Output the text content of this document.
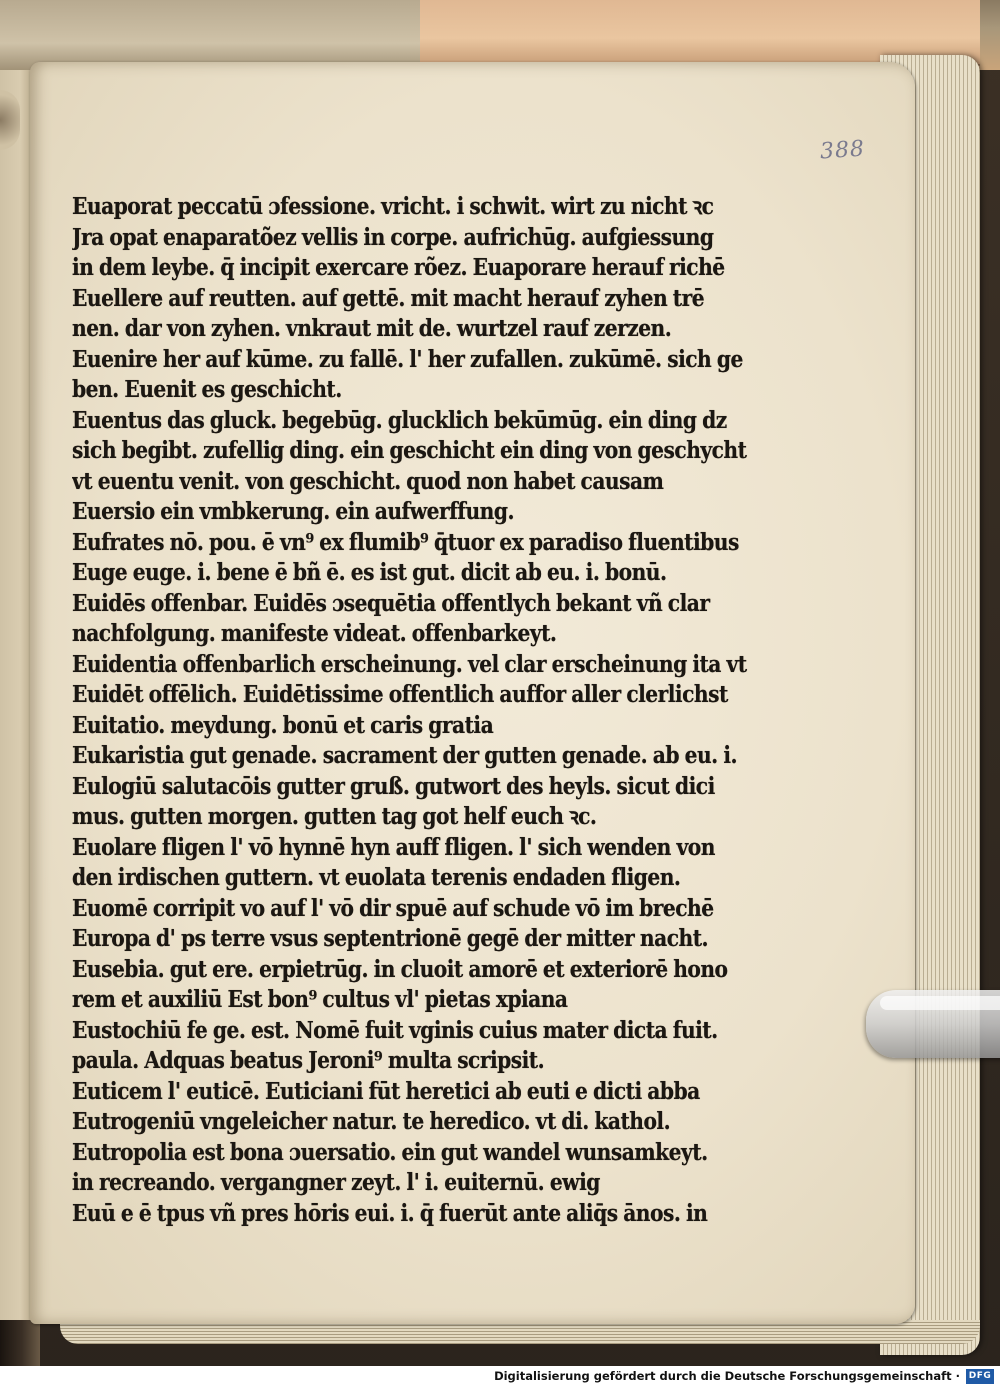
388
Euaporat peccatū ɔfessione. vricht. i schwit. wirt zu nicht ꝛc
Jra opat enaparatõez vellis in corpe. aufrichūg. aufgiessung
in dem leybe. q̄ incipit exercare rõez. Euaporare herauf richē
Euellere auf reutten. auf gettē. mit macht herauf zyhen trē
nen. dar von zyhen. vnkraut mit de. wurtzel rauf zerzen.
Euenire her auf kūme. zu fallē. l' her zufallen. zukūmē. sich ge
ben. Euenit es geschicht.
Euentus das gluck. begebūg. glucklich bekūmūg. ein ding dz
sich begibt. zufellig ding. ein geschicht ein ding von geschycht
vt euentu venit. von geschicht. quod non habet causam
Euersio ein vmbkerung. ein aufwerffung.
Eufrates nō. pou. ē vn⁹ ex flumib⁹ q̄tuor ex paradiso fluentibus
Euge euge. i. bene ē bñ ē. es ist gut. dicit ab eu. i. bonū.
Euidēs offenbar. Euidēs ɔsequētia offentlych bekant vñ clar
nachfolgung. manifeste videat. offenbarkeyt.
Euidentia offenbarlich erscheinung. vel clar erscheinung ita vt
Euidēt offēlich. Euidētissime offentlich auffor aller clerlichst
Euitatio. meydung. bonū et caris gratia
Eukaristia gut genade. sacrament der gutten genade. ab eu. i.
Eulogiū salutacōis gutter gruß. gutwort des heyls. sicut dici
mus. gutten morgen. gutten tag got helf euch ꝛc.
Euolare fligen l' vō hynnē hyn auff fligen. l' sich wenden von
den irdischen guttern. vt euolata terenis endaden fligen.
Euomē corripit vo auf l' vō dir spuē auf schude vō im brechē
Europa d' ps terre vsus septentrionē gegē der mitter nacht.
Eusebia. gut ere. erpietrūg. in cluoit amorē et exteriorē hono
rem et auxiliū Est bon⁹ cultus vl' pietas xpiana
Eustochiū fe ge. est. Nomē fuit vginis cuius mater dicta fuit.
paula. Adquas beatus Jeroni⁹ multa scripsit.
Euticem l' euticē. Euticiani fūt heretici ab euti e dicti abba
Eutrogeniū vngeleicher natur. te heredico. vt di. kathol.
Eutropolia est bona ɔuersatio. ein gut wandel wunsamkeyt.
in recreando. vergangner zeyt. l' i. euiternū. ewig
Euū e ē tpus vñ pres hōris eui. i. q̄ fuerūt ante aliq̄s ānos. in
Digitalisierung gefördert durch die Deutsche Forschungsgemeinschaft · DFG
